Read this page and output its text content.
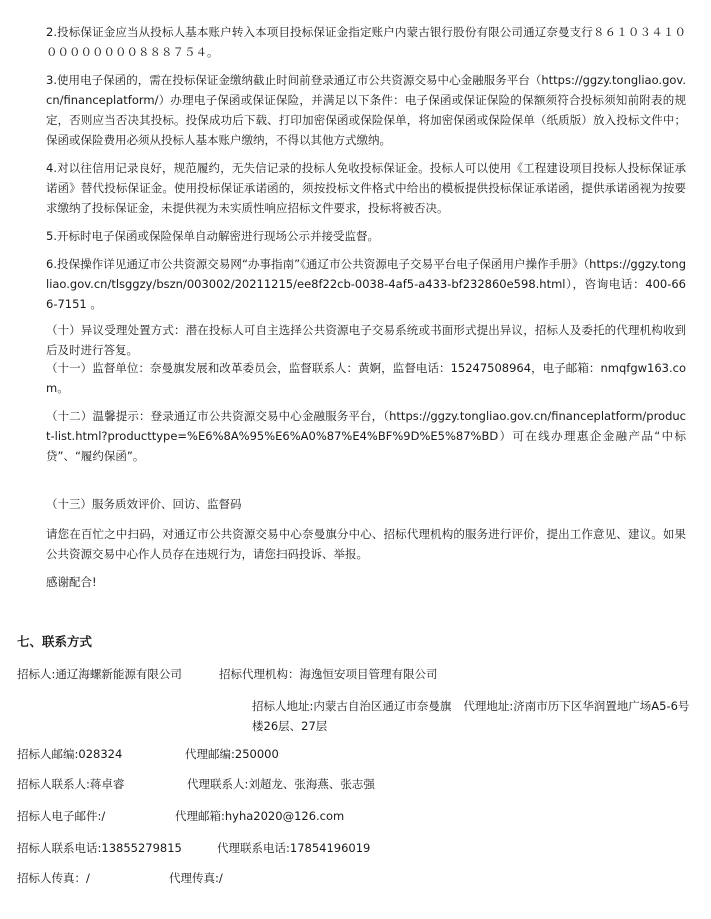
2.投标保证金应当从投标人基本账户转入本项目投标保证金指定账户内蒙古银行股份有限公司通辽奈曼支行８６１０３４１０００００００００８８８７５４。

3.使用电子保函的，需在投标保证金缴纳截止时间前登录通辽市公共资源交易中心金融服务平台（https://ggzy.tongliao.gov.cn/financeplatform/）办理电子保函或保证保险，并满足以下条件：电子保函或保证保险的保额须符合投标须知前附表的规定，否则应当否决其投标。投保成功后下载、打印加密保函或保险保单，将加密保函或保险保单（纸质版）放入投标文件中；保函或保险费用必须从投标人基本账户缴纳，不得以其他方式缴纳。

4.对以往信用记录良好，规范履约，无失信记录的投标人免收投标保证金。投标人可以使用《工程建设项目投标人投标保证承诺函》替代投标保证金。使用投标保证承诺函的，须按投标文件格式中给出的模板提供投标保证承诺函，提供承诺函视为按要求缴纳了投标保证金，未提供视为未实质性响应招标文件要求，投标将被否决。

5.开标时电子保函或保险保单自动解密进行现场公示并接受监督。

6.投保操作详见通辽市公共资源交易网“办事指南”《通辽市公共资源电子交易平台电子保函用户操作手册》（https://ggzy.tongliao.gov.cn/tlsggzy/bszn/003002/20211215/ee8f22cb-0038-4af5-a433-bf232860e598.html），咨询电话：400-666-7151 。

（十）异议受理处置方式：潜在投标人可自主选择公共资源电子交易系统或书面形式提出异议，招标人及委托的代理机构收到后及时进行答复。

（十一）监督单位：奈曼旗发展和改革委员会，监督联系人：黄婀，监督电话：15247508964，电子邮箱：nmqfgw163.com。

（十二）温馨提示：登录通辽市公共资源交易中心金融服务平台，（https://ggzy.tongliao.gov.cn/financeplatform/product-list.html?producttype=%E6%8A%95%E6%A0%87%E4%BF%9D%E5%87%BD）可在线办理惠企金融产品“中标贷”、“履约保函”。

（十三）服务质效评价、回访、监督码

请您在百忙之中扫码，对通辽市公共资源交易中心奈曼旗分中心、招标代理机构的服务进行评价，提出工作意见、建议。如果公共资源交易中心作人员存在违规行为，请您扫码投诉、举报。

感谢配合!

七、联系方式

招标人:通辽海螺新能源有限公司	招标代理机构：海逸恒安项目管理有限公司

招标人地址:内蒙古自治区通辽市奈曼旗 代理地址:济南市历下区华润置地广场A5-6号楼26层、27层

招标人邮编:028324	代理邮编:250000
招标人联系人:蒋卓睿	代理联系人:刘超龙、张海燕、张志强
招标人电子邮件:/	代理邮箱:hyha2020@126.com
招标人联系电话:13855279815	代理联系电话:17854196019
招标人传真：/	代理传真:/
